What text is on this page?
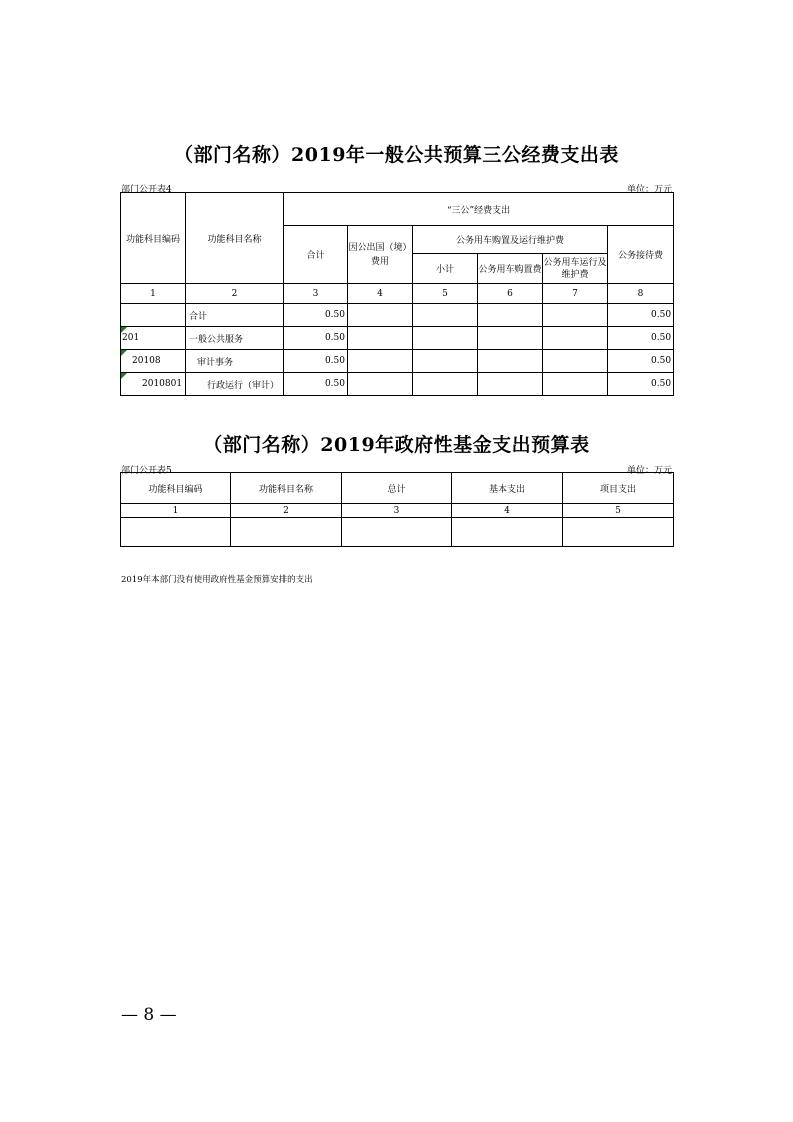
（部门名称）2019年一般公共预算三公经费支出表
部门公开表4	单位：万元
功能科目编码	功能科目名称	“三公”经费支出					
		合计	因公出国（境）费用	公务用车购置及运行维护费			公务接待费
				小计	公务用车购置费	公务用车运行及维护费	
1	2	3	4	5	6	7	8
	合计	0.50					0.50
201	一般公共服务	0.50					0.50
20108	审计事务	0.50					0.50
2010801	行政运行（审计）	0.50					0.50
（部门名称）2019年政府性基金支出预算表
部门公开表5	单位：万元
功能科目编码	功能科目名称	总计	基本支出	项目支出
1	2	3	4	5

2019年本部门没有使用政府性基金预算安排的支出
— 8 —
